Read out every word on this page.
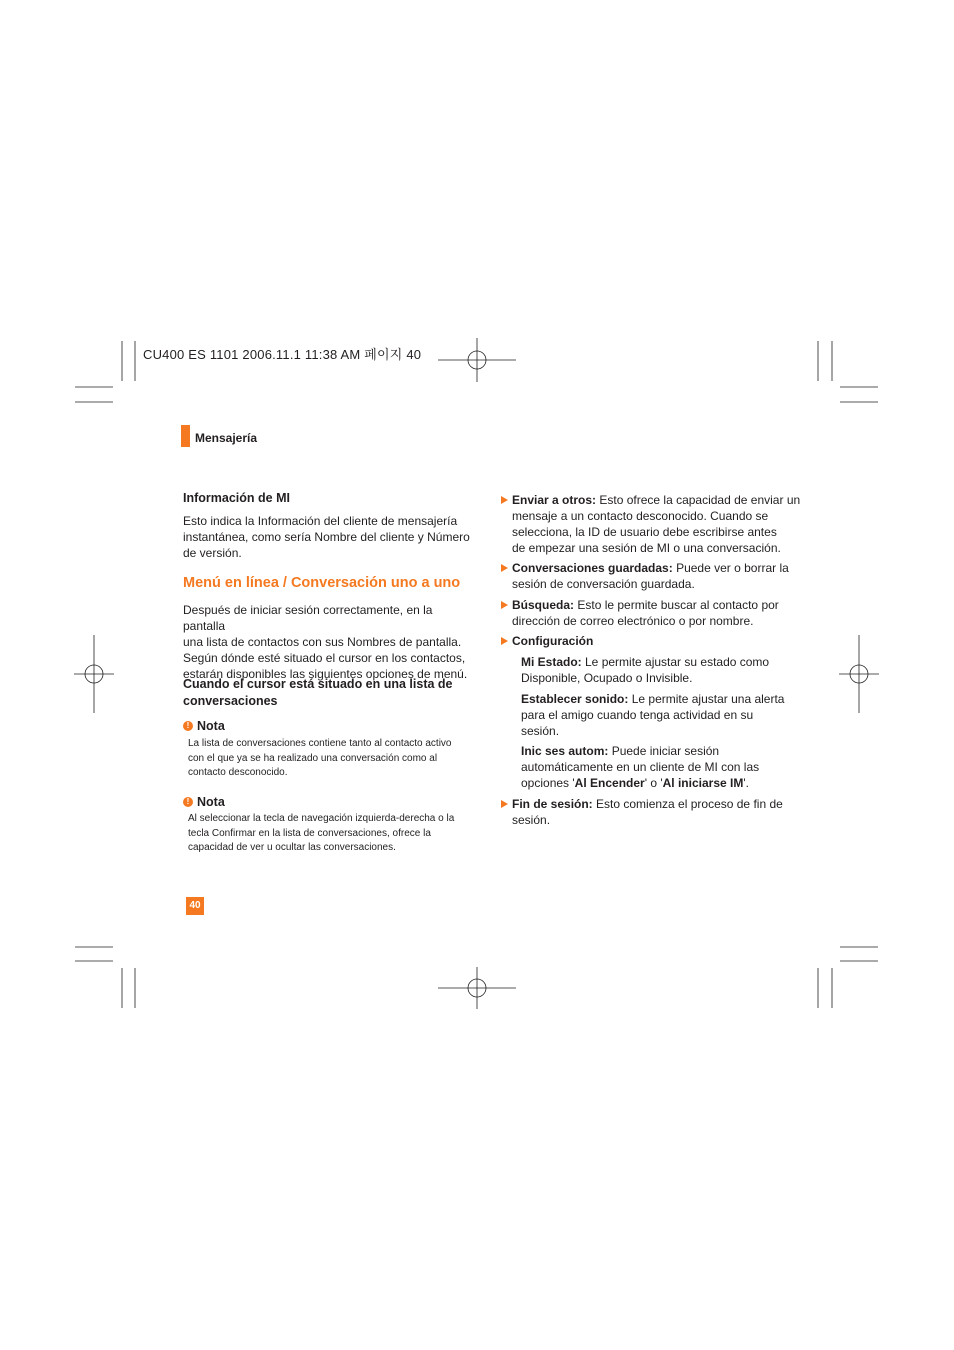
CU400 ES 1101 2006.11.1 11:38 AM 페이지 40
Mensajería
Información de MI
Esto indica la Información del cliente de mensajería
instantánea, como sería Nombre del cliente y Número
de versión.
Menú en línea / Conversación uno a uno
Después de iniciar sesión correctamente, en la pantalla
una lista de contactos con sus Nombres de pantalla.
Según dónde esté situado el cursor en los contactos,
estarán disponibles las siguientes opciones de menú.
Cuando el cursor está situado en una lista de
conversaciones
! Nota
La lista de conversaciones contiene tanto al contacto activo
con el que ya se ha realizado una conversación como al
contacto desconocido.
! Nota
Al seleccionar la tecla de navegación izquierda-derecha o la
tecla Confirmar en la lista de conversaciones, ofrece la
capacidad de ver u ocultar las conversaciones.
Enviar a otros: Esto ofrece la capacidad de enviar un
mensaje a un contacto desconocido. Cuando se
selecciona, la ID de usuario debe escribirse antes
de empezar una sesión de MI o una conversación.
Conversaciones guardadas: Puede ver o borrar la
sesión de conversación guardada.
Búsqueda: Esto le permite buscar al contacto por
dirección de correo electrónico o por nombre.
Configuración
Mi Estado: Le permite ajustar su estado como
Disponible, Ocupado o Invisible.
Establecer sonido: Le permite ajustar una alerta
para el amigo cuando tenga actividad en su
sesión.
Inic ses autom: Puede iniciar sesión
automáticamente en un cliente de MI con las
opciones 'Al Encender' o 'Al iniciarse IM'.
Fin de sesión: Esto comienza el proceso de fin de
sesión.
40
